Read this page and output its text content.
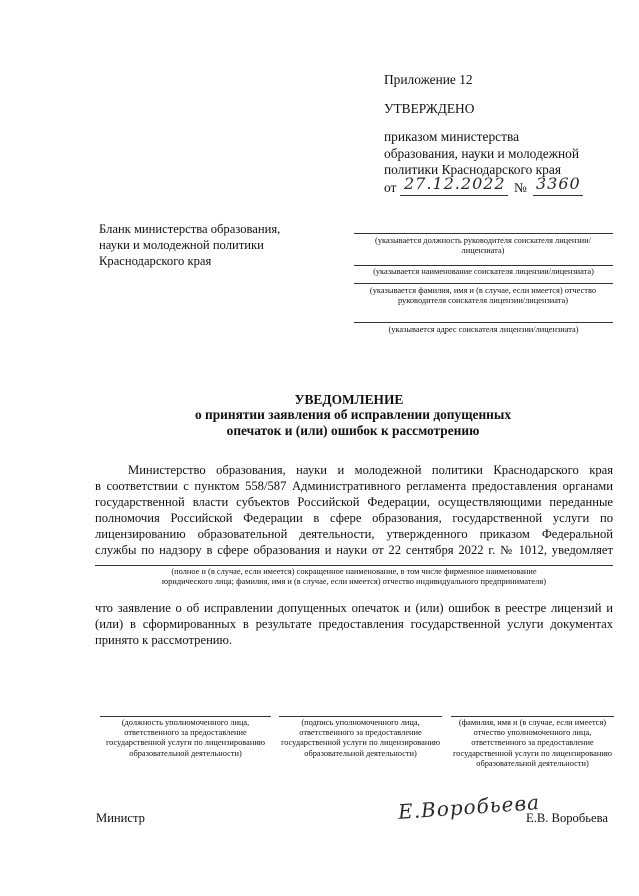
Приложение 12
УТВЕРЖДЕНО
приказом министерства
образования, науки и молодежной
политики Краснодарского края
от 27.12.2022 № 3360
Бланк министерства образования,
науки и молодежной политики
Краснодарского края
(указывается должность руководителя соискателя лицензии/лицензиата)
(указывается наименование соискателя лицензии/лицензиата)
(указывается фамилия, имя и (в случае, если имеется) отчество руководителя соискателя лицензии/лицензиата)
(указывается адрес соискателя лицензии/лицензиата)
УВЕДОМЛЕНИЕ
о принятии заявления об исправлении допущенных
опечаток и (или) ошибок к рассмотрению
Министерство образования, науки и молодежной политики Краснодарского края
в соответствии с пунктом 558/587 Административного регламента предоставления органами
государственной власти субъектов Российской Федерации, осуществляющими переданные
полномочия Российской Федерации в сфере образования, государственной услуги по
лицензированию образовательной деятельности, утвержденного приказом Федеральной
службы по надзору в сфере образования и науки от 22 сентября 2022 г. № 1012, уведомляет
(полное и (в случае, если имеется) сокращенное наименование, в том числе фирменное наименование
юридического лица; фамилия, имя и (в случае, если имеется) отчество индивидуального предпринимателя)
что заявление о об исправлении допущенных опечаток и (или) ошибок в реестре лицензий и
(или) в сформированных в результате предоставления государственной услуги документах
принято к рассмотрению.
(должность уполномоченного лица, ответственного за предоставление государственной услуги по лицензированию образовательной деятельности)
(подпись уполномоченного лица, ответственного за предоставление государственной услуги по лицензированию образовательной деятельности)
(фамилия, имя и (в случае, если имеется) отчество уполномоченного лица, ответственного за предоставление государственной услуги по лицензированию образовательной деятельности)
Министр	Е.Воробьева
Е.В. Воробьева
